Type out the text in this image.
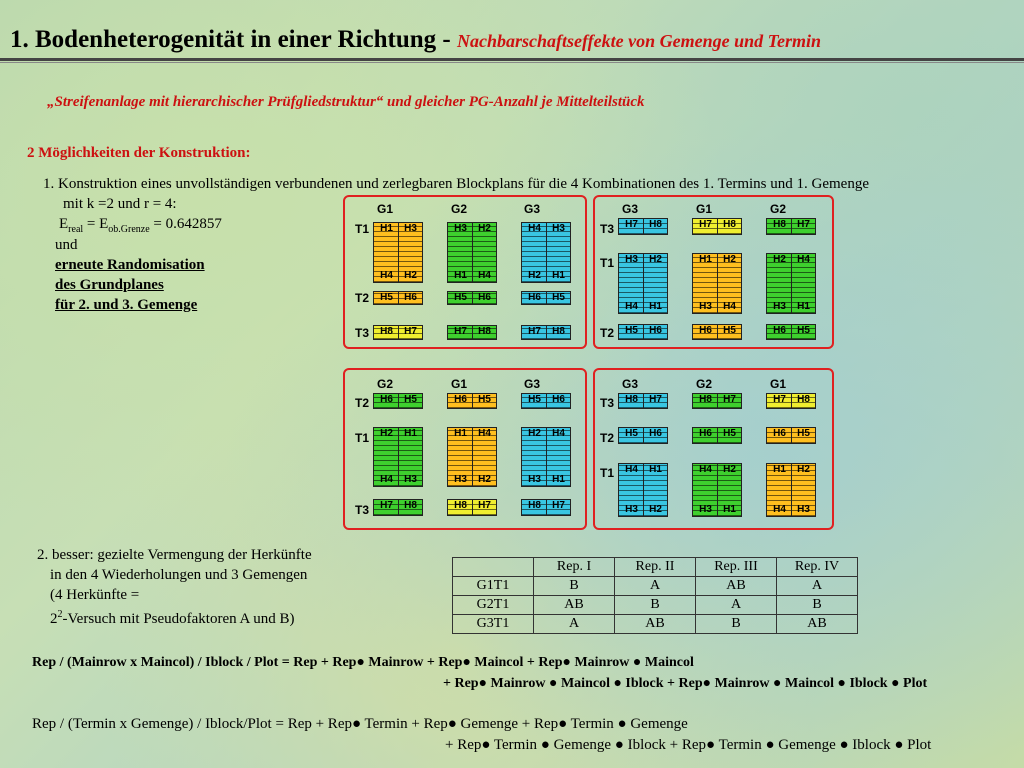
1. Bodenheterogenität in einer Richtung - Nachbarschaftseffekte von Gemenge und Termin
„Streifenanlage mit hierarchischer Prüfgliedstruktur“ und gleicher PG-Anzahl je Mittelteilstück
2 Möglichkeiten der Konstruktion:
1. Konstruktion eines unvollständigen verbundenen und zerlegbaren Blockplans für die 4 Kombinationen des 1. Termins und 1. Gemenge
mit k =2 und r = 4:
$E_{real} = E_{ob.Grenze} = 0.642857$
und
erneute Randomisation
des Grundplanes
für 2. und 3. Gemenge
2. besser: gezielte Vermengung der Herkünfte
in den 4 Wiederholungen und 3 Gemengen
(4 Herkünfte =
$2^2$-Versuch mit Pseudofaktoren A und B)
	Rep. I	Rep. II	Rep. III	Rep. IV
G1T1	B	A	AB	A
G2T1	AB	B	A	B
G3T1	A	AB	B	AB
Rep / (Mainrow x Maincol) / Iblock / Plot = Rep + Rep● Mainrow + Rep● Maincol + Rep● Mainrow ● Maincol
+ Rep● Mainrow ● Maincol ● Iblock + Rep● Mainrow ● Maincol ● Iblock ● Plot
Rep / (Termin x Gemenge) / Iblock/Plot = Rep + Rep● Termin + Rep● Gemenge + Rep● Termin ● Gemenge
+ Rep● Termin ● Gemenge ● Iblock + Rep● Termin ● Gemenge ● Iblock ● Plot
G1	G2	G3
T1
T2
T3
H1	H3
H4	H2
H3	H2
H1	H4
H4	H3
H2	H1
H5	H6	H5	H6	H6	H5
H8	H7	H7	H8	H7	H8
G3	G1	G2
T3
T1
T2
H7	H8	H7	H8	H8	H7
H3	H2
H4	H1
H1	H2
H3	H4
H2	H4
H3	H1
H5	H6	H6	H5	H6	H5
G2	G1	G3
T2
T1
T3
H6	H5	H6	H5	H5	H6
H2	H1
H4	H3
H1	H4
H3	H2
H2	H4
H3	H1
H7	H8	H8	H7	H8	H7
G3	G2	G1
T3
T2
T1
H8	H7	H8	H7	H7	H8
H5	H6	H6	H5	H6	H5
H4	H1
H3	H2
H4	H2
H3	H1
H1	H2
H4	H3
